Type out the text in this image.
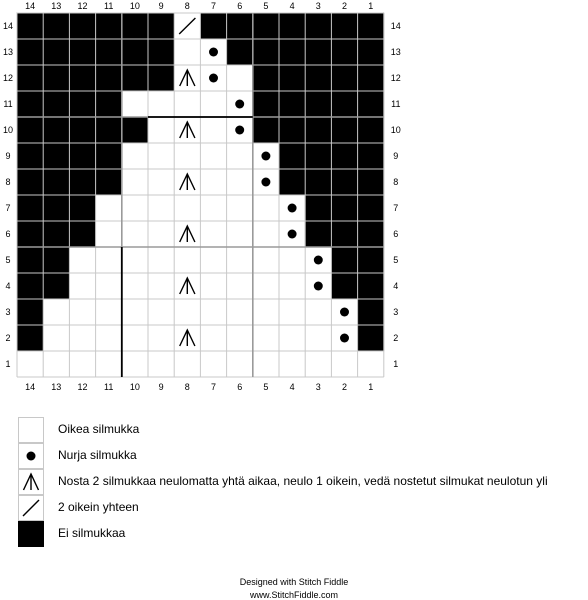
14
14
13
13
12
12
11
11
10
10
9
9
8
8
7
7
6
6
5
5
4
4
3
3
2
2
1
1
14	14
13	13
12	12
11	11
10	10
9	9
8	8
7	7
6	6
5	5
4	4
3	3
2	2
1	1
Oikea silmukka
Nurja silmukka
Nosta 2 silmukkaa neulomatta yhtä aikaa, neulo 1 oikein, vedä nostetut silmukat neulotun yli
2 oikein yhteen
Ei silmukkaa
Designed with Stitch Fiddle
www.StitchFiddle.com
